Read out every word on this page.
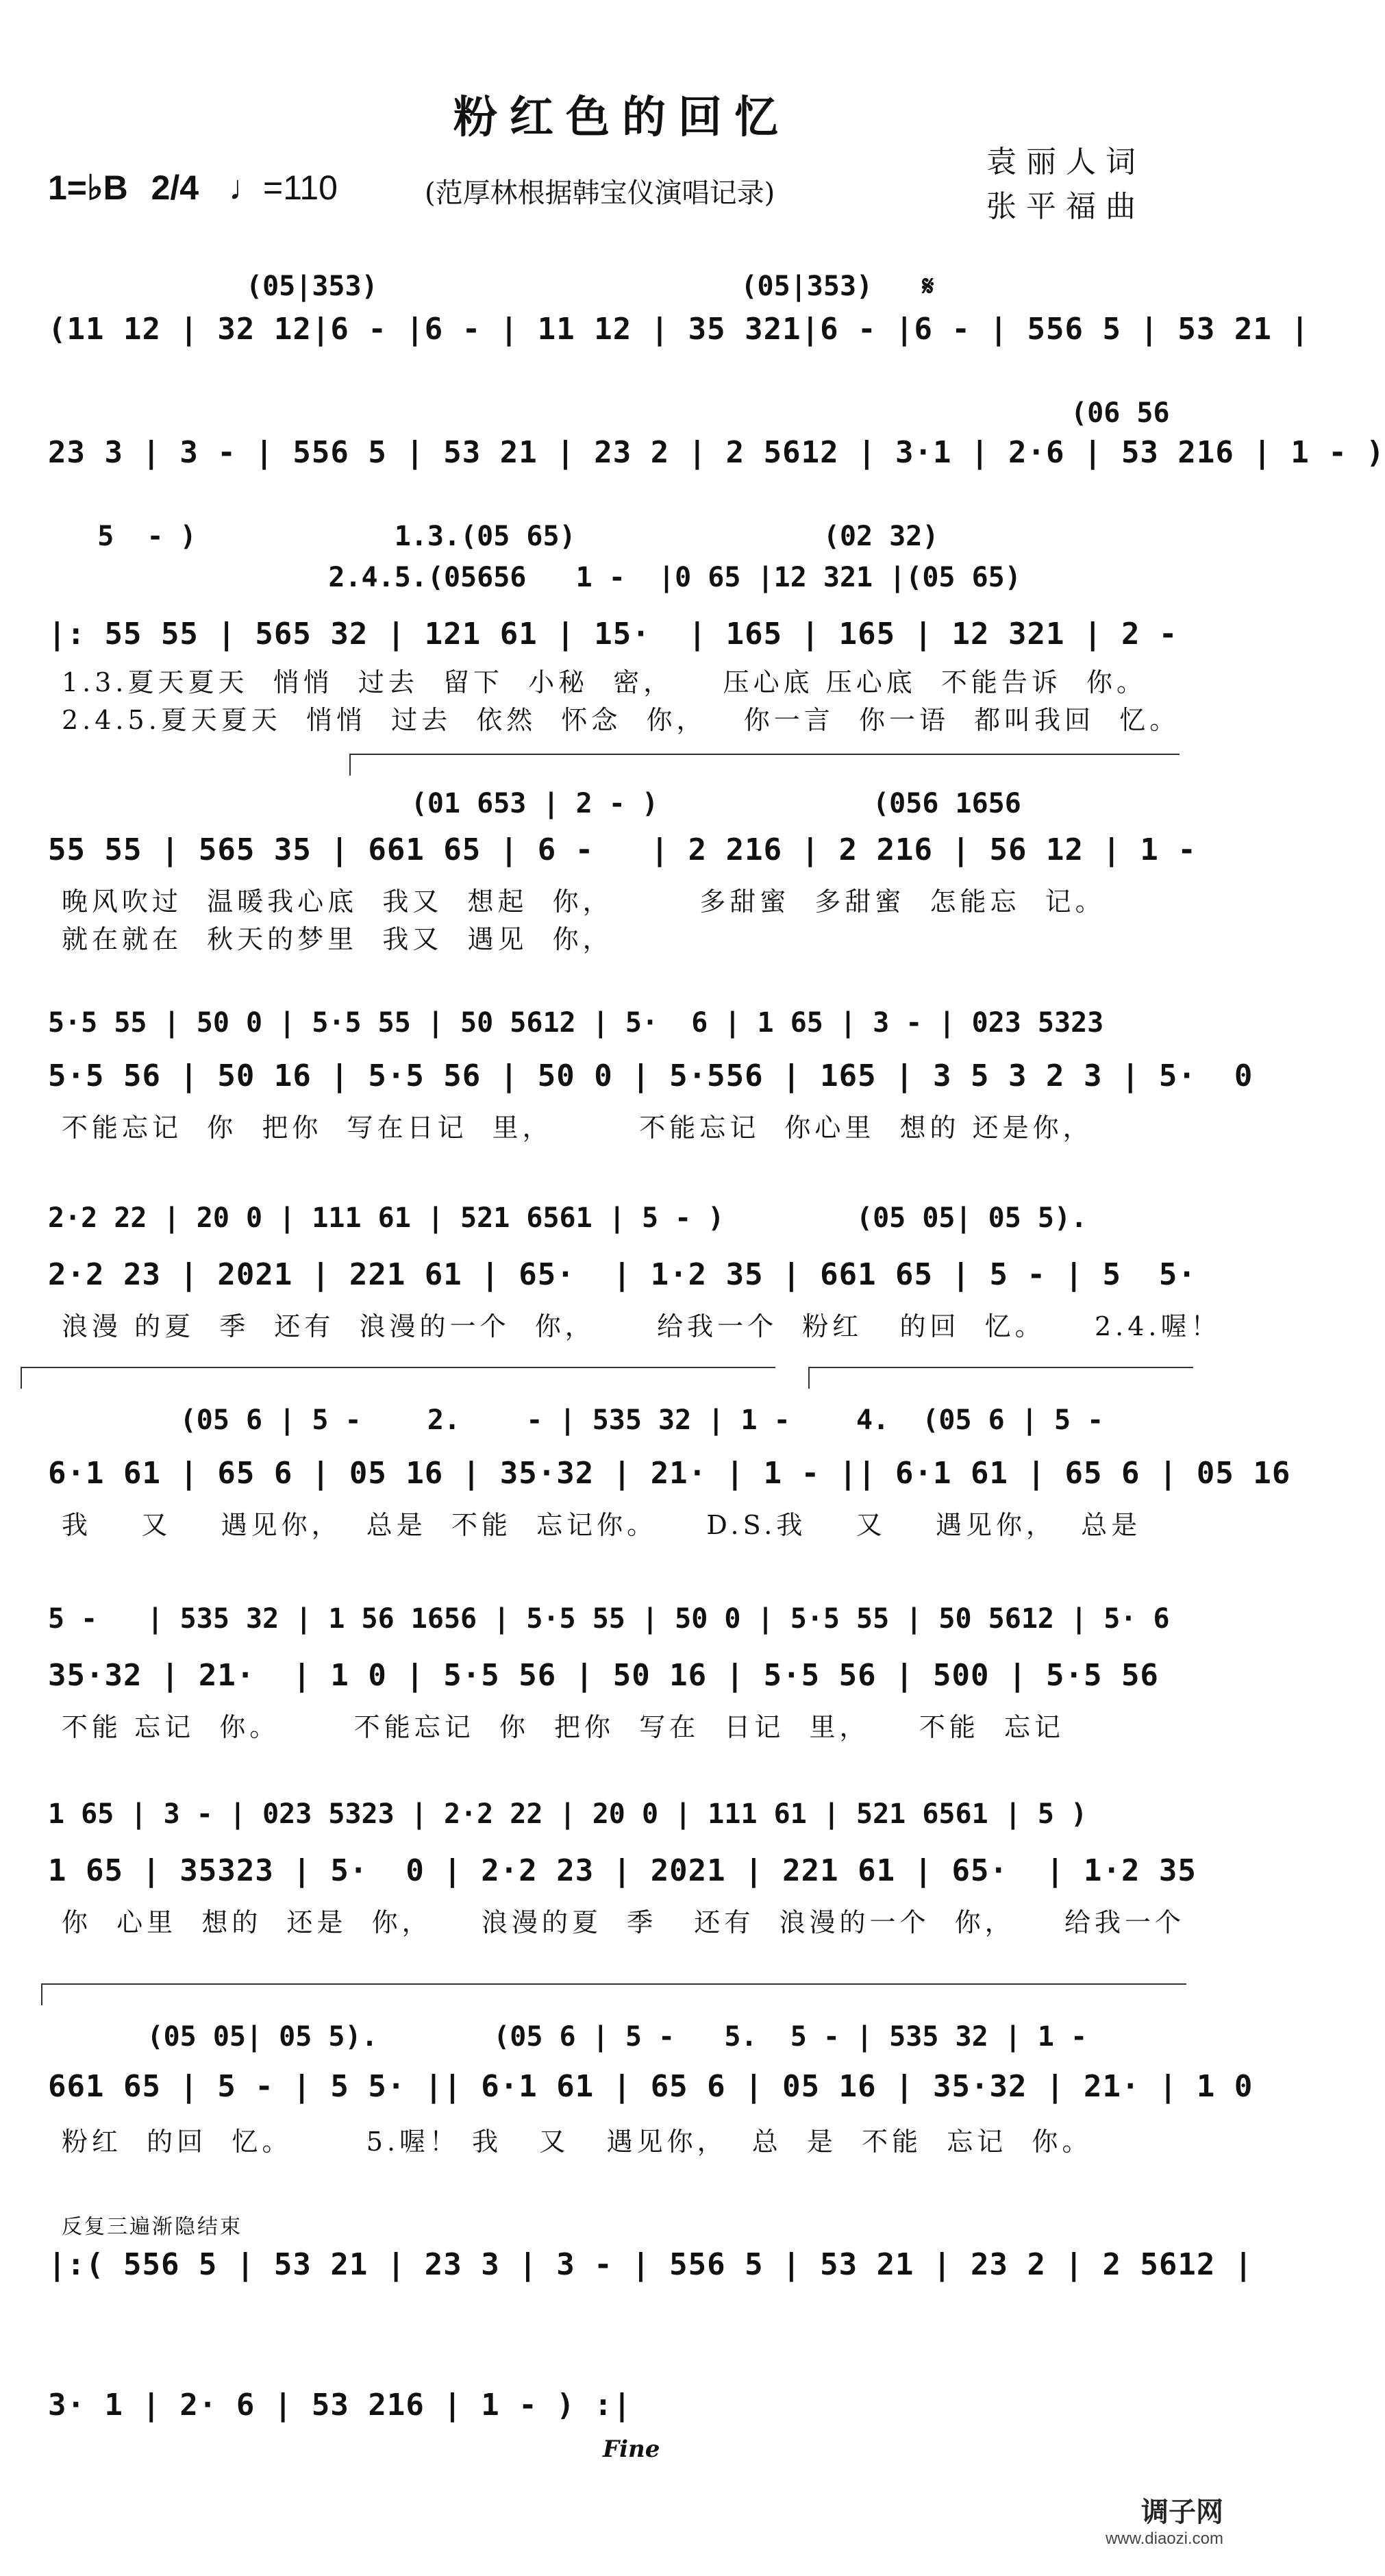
粉红色的回忆
1=♭B 2/4 ♩=110	(范厚林根据韩宝仪演唱记录)
袁丽人词
张平福曲
(05|353)                      (05|353)   𝄋
(11 12 | 32 12|6 - |6 - | 11 12 | 35 321|6 - |6 - | 556 5 | 53 21 |
(06 56
23 3 | 3 - | 556 5 | 53 21 | 23 2 | 2 5612 | 3·1 | 2·6 | 53 216 | 1 - )
5  - )            1.3.(05 65)               (02 32)
2.4.5.(05656   1 -  |0 65 |12 321 |(05 65)
|: 55 55 | 565 32 | 121 61 | 15·  | 165 | 165 | 12 321 | 2 -
1.3.夏天夏天  悄悄  过去  留下  小秘  密，    压心底 压心底  不能告诉  你。
2.4.5.夏天夏天  悄悄  过去  依然  怀念  你，   你一言  你一语  都叫我回  忆。
(01 653 | 2 - )             (056 1656
55 55 | 565 35 | 661 65 | 6 -   | 2 216 | 2 216 | 56 12 | 1 -
晚风吹过  温暖我心底  我又  想起  你，       多甜蜜  多甜蜜  怎能忘  记。
就在就在  秋天的梦里  我又  遇见  你，
5·5 55 | 50 0 | 5·5 55 | 50 5612 | 5·  6 | 1 65 | 3 - | 023 5323
5·5 56 | 50 16 | 5·5 56 | 50 0 | 5·556 | 165 | 3 5 3 2 3 | 5·  0
不能忘记  你  把你  写在日记  里，       不能忘记  你心里  想的 还是你，
2·2 22 | 20 0 | 111 61 | 521 6561 | 5 - )        (05 05| 05 5).
2·2 23 | 2021 | 221 61 | 65·  | 1·2 35 | 661 65 | 5 - | 5  5·
浪漫 的夏  季  还有  浪漫的一个  你，     给我一个  粉红   的回  忆。    2.4.喔！
(05 6 | 5 -    2.    - | 535 32 | 1 -    4.  (05 6 | 5 -
6·1 61 | 65 6 | 05 16 | 35·32 | 21· | 1 - || 6·1 61 | 65 6 | 05 16
我    又    遇见你，  总是  不能  忘记你。    D.S.我    又    遇见你，  总是
5 -   | 535 32 | 1 56 1656 | 5·5 55 | 50 0 | 5·5 55 | 50 5612 | 5· 6
35·32 | 21·  | 1 0 | 5·5 56 | 50 16 | 5·5 56 | 500 | 5·5 56
不能 忘记  你。      不能忘记  你  把你  写在  日记  里，    不能  忘记
1 65 | 3 - | 023 5323 | 2·2 22 | 20 0 | 111 61 | 521 6561 | 5 )
1 65 | 35323 | 5·  0 | 2·2 23 | 2021 | 221 61 | 65·  | 1·2 35
你  心里  想的  还是  你，    浪漫的夏  季   还有  浪漫的一个  你，    给我一个
(05 05| 05 5).       (05 6 | 5 -   5.  5 - | 535 32 | 1 -
661 65 | 5 - | 5 5· || 6·1 61 | 65 6 | 05 16 | 35·32 | 21· | 1 0
粉红  的回  忆。      5.喔！ 我   又   遇见你，  总  是  不能  忘记  你。
反复三遍渐隐结束
|:( 556 5 | 53 21 | 23 3 | 3 - | 556 5 | 53 21 | 23 2 | 2 5612 |
3· 1 | 2· 6 | 53 216 | 1 - ) :|
Fine
调子网
www.diaozi.com
